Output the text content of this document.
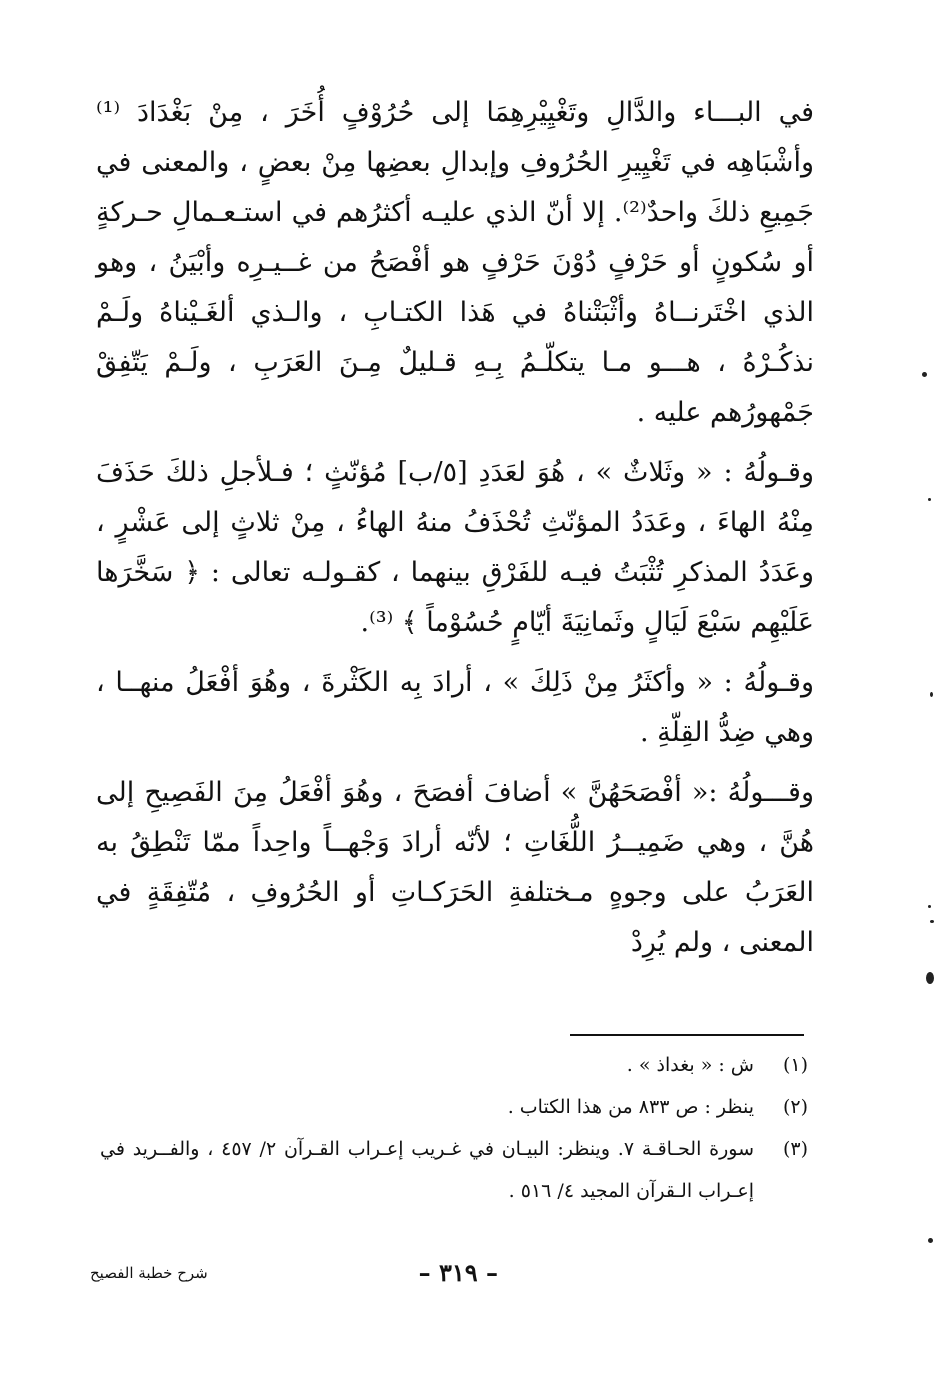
في البـــاء والدَّالِ وتَغْيِيْرِهِمَا إلى حُرُوْفٍ أُخَرَ ، مِنْ بَغْدَادَ ⁽¹⁾ وأشْبَاهِه في تَغْيِيرِ الحُرُوفِ وإبدالِ بعضِها مِنْ بعضٍ ، والمعنى في جَمِيعِ ذلكَ واحدٌ⁽²⁾. إلا أنّ الذي عليـه أكثرُهم في استـعـمالِ حـركةٍ أو سُكونٍ أو حَرْفٍ دُوْنَ حَرْفٍ هو أفْصَحُ من غــيـرِه وأبْيَنُ ، وهو الذي اخْتَرنــاهُ وأثْبَتْناهُ في هَذا الكتـابِ ، والـذي ألغَـيْناهُ ولَـمْ نذكُـرْهُ ، هـــو مـا يتكلّـمُ بِـهِ قـليلٌ مِـنَ العَرَبِ ، ولَـمْ يَتّفِقْ جَمْهورُهم عليه .

وقـولُهُ : « وثَلاثٌ » ، هُوَ لعَدَدِ [٥/ب] مُؤنّثٍ ؛ فـلأجلِ ذلكَ حَذَفَ مِنْهُ الهاءَ ، وعَدَدُ المؤنّثِ تُحْذَفُ منهُ الهاءُ ، مِنْ ثلاثٍ إلى عَشْرٍ ، وعَدَدُ المذكرِ تُثْبَتُ فيـه للفَرْقِ بينهما ، كقـولـه تعالى : ﴿ سَخَّرَها عَلَيْهِم سَبْعَ لَيَالٍ وثَمانِيَةَ أيّامٍ حُسُوْماً ﴾ ⁽³⁾.

وقـولُهُ : « وأكثَرُ مِنْ ذَلِكَ » ، أرادَ بِه الكَثْرةَ ، وهُوَ أفْعَلُ منهــا ، وهي ضِدُّ القِلّةِ .

وقـــولُهُ :« أفْصَحَهُنَّ » أضافَ أفصَحَ ، وهُوَ أفْعَلُ مِنَ الفَصِيحِ إلى هُنَّ ، وهي ضَمِيــرُ اللُّغَاتِ ؛ لأنّه أرادَ وَجْهــاً واحِداً ممّا تَنْطِقُ به العَرَبُ على وجوهٍ مـختلفةِ الحَرَكـاتِ أو الحُرُوفِ ، مُتّفِقَةٍ في المعنى ، ولم يُرِدْ

(١)
ش : « بغداذ » .
(٢)
ينظر : ص ٨٣٣ من هذا الكتاب .
(٣)
سورة الحـاقـة ٧. وينظر: البيـان في غـريب إعـراب القـرآن ٢/ ٤٥٧ ، والفــريد في إعـراب الـقرآن المجيد ٤/ ٥١٦ .
– ٣١٩ –
شرح خطبة الفصيح
